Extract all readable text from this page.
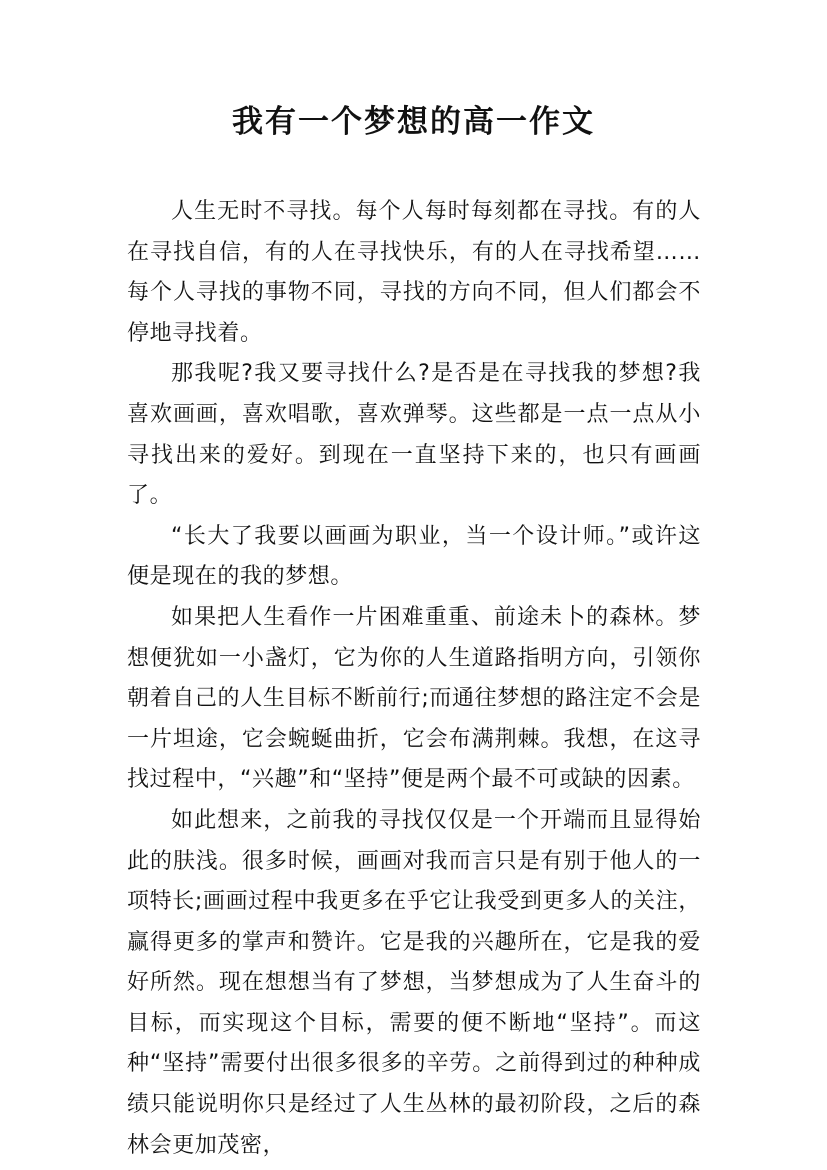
我有一个梦想的高一作文

人生无时不寻找。每个人每时每刻都在寻找。有的人在寻找自信，有的人在寻找快乐，有的人在寻找希望……每个人寻找的事物不同，寻找的方向不同，但人们都会不停地寻找着。

那我呢?我又要寻找什么?是否是在寻找我的梦想?我喜欢画画，喜欢唱歌，喜欢弹琴。这些都是一点一点从小寻找出来的爱好。到现在一直坚持下来的，也只有画画了。

“长大了我要以画画为职业，当一个设计师。”或许这便是现在的我的梦想。

如果把人生看作一片困难重重、前途未卜的森林。梦想便犹如一小盏灯，它为你的人生道路指明方向，引领你朝着自己的人生目标不断前行;而通往梦想的路注定不会是一片坦途，它会蜿蜒曲折，它会布满荆棘。我想，在这寻找过程中，“兴趣”和“坚持”便是两个最不可或缺的因素。

如此想来，之前我的寻找仅仅是一个开端而且显得始此的肤浅。很多时候，画画对我而言只是有别于他人的一项特长;画画过程中我更多在乎它让我受到更多人的关注，赢得更多的掌声和赞许。它是我的兴趣所在，它是我的爱好所然。现在想想当有了梦想，当梦想成为了人生奋斗的目标，而实现这个目标，需要的便不断地“坚持”。而这种“坚持”需要付出很多很多的辛劳。之前得到过的种种成绩只能说明你只是经过了人生丛林的最初阶段，之后的森林会更加茂密，
